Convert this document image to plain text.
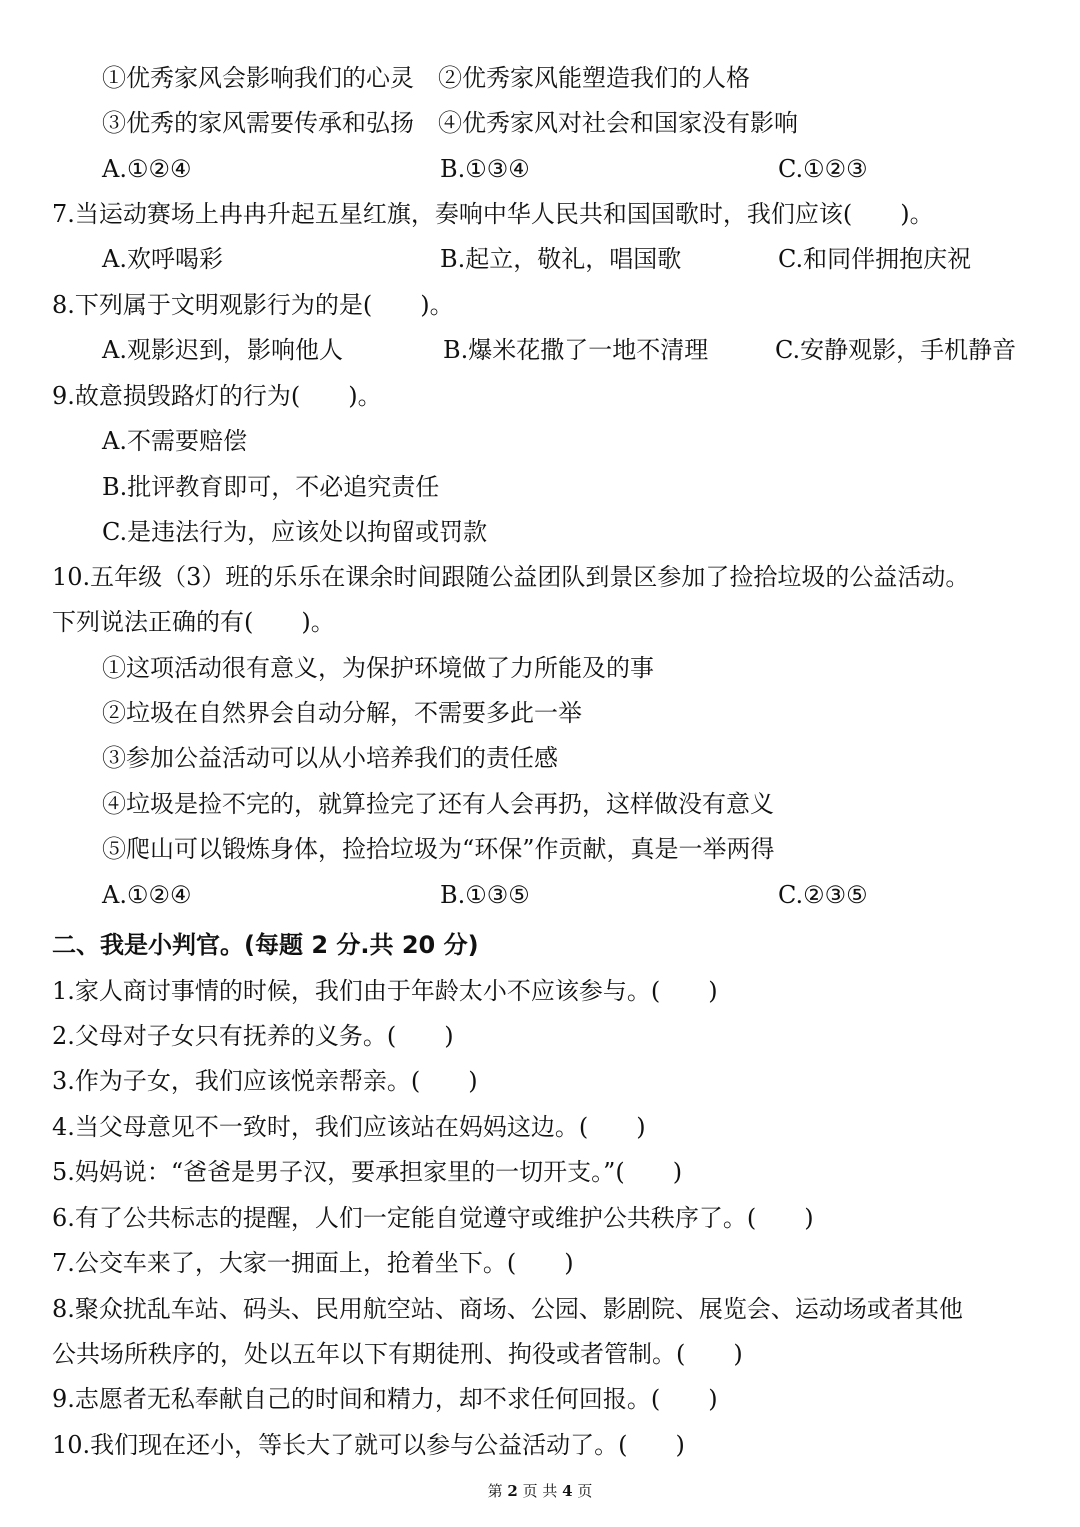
①优秀家风会影响我们的心灵　②优秀家风能塑造我们的人格
③优秀的家风需要传承和弘扬　④优秀家风对社会和国家没有影响
A.①②④	B.①③④	C.①②③
7.当运动赛场上冉冉升起五星红旗，奏响中华人民共和国国歌时，我们应该(　　)。
A.欢呼喝彩	B.起立，敬礼，唱国歌	C.和同伴拥抱庆祝
8.下列属于文明观影行为的是(　　)。
A.观影迟到，影响他人	B.爆米花撒了一地不清理	C.安静观影，手机静音
9.故意损毁路灯的行为(　　)。
A.不需要赔偿
B.批评教育即可，不必追究责任
C.是违法行为，应该处以拘留或罚款
10.五年级（3）班的乐乐在课余时间跟随公益团队到景区参加了捡拾垃圾的公益活动。
下列说法正确的有(　　)。
①这项活动很有意义，为保护环境做了力所能及的事
②垃圾在自然界会自动分解，不需要多此一举
③参加公益活动可以从小培养我们的责任感
④垃圾是捡不完的，就算捡完了还有人会再扔，这样做没有意义
⑤爬山可以锻炼身体，捡拾垃圾为“环保”作贡献，真是一举两得
A.①②④	B.①③⑤	C.②③⑤
二、我是小判官。(每题 2 分.共 20 分)
1.家人商讨事情的时候，我们由于年龄太小不应该参与。(　　)
2.父母对子女只有抚养的义务。(　　)
3.作为子女，我们应该悦亲帮亲。(　　)
4.当父母意见不一致时，我们应该站在妈妈这边。(　　)
5.妈妈说：“爸爸是男子汉，要承担家里的一切开支。”(　　)
6.有了公共标志的提醒，人们一定能自觉遵守或维护公共秩序了。(　　)
7.公交车来了，大家一拥面上，抢着坐下。(　　)
8.聚众扰乱车站、码头、民用航空站、商场、公园、影剧院、展览会、运动场或者其他
公共场所秩序的，处以五年以下有期徒刑、拘役或者管制。(　　)
9.志愿者无私奉献自己的时间和精力，却不求任何回报。(　　)
10.我们现在还小，等长大了就可以参与公益活动了。(　　)
第 2 页 共 4 页
